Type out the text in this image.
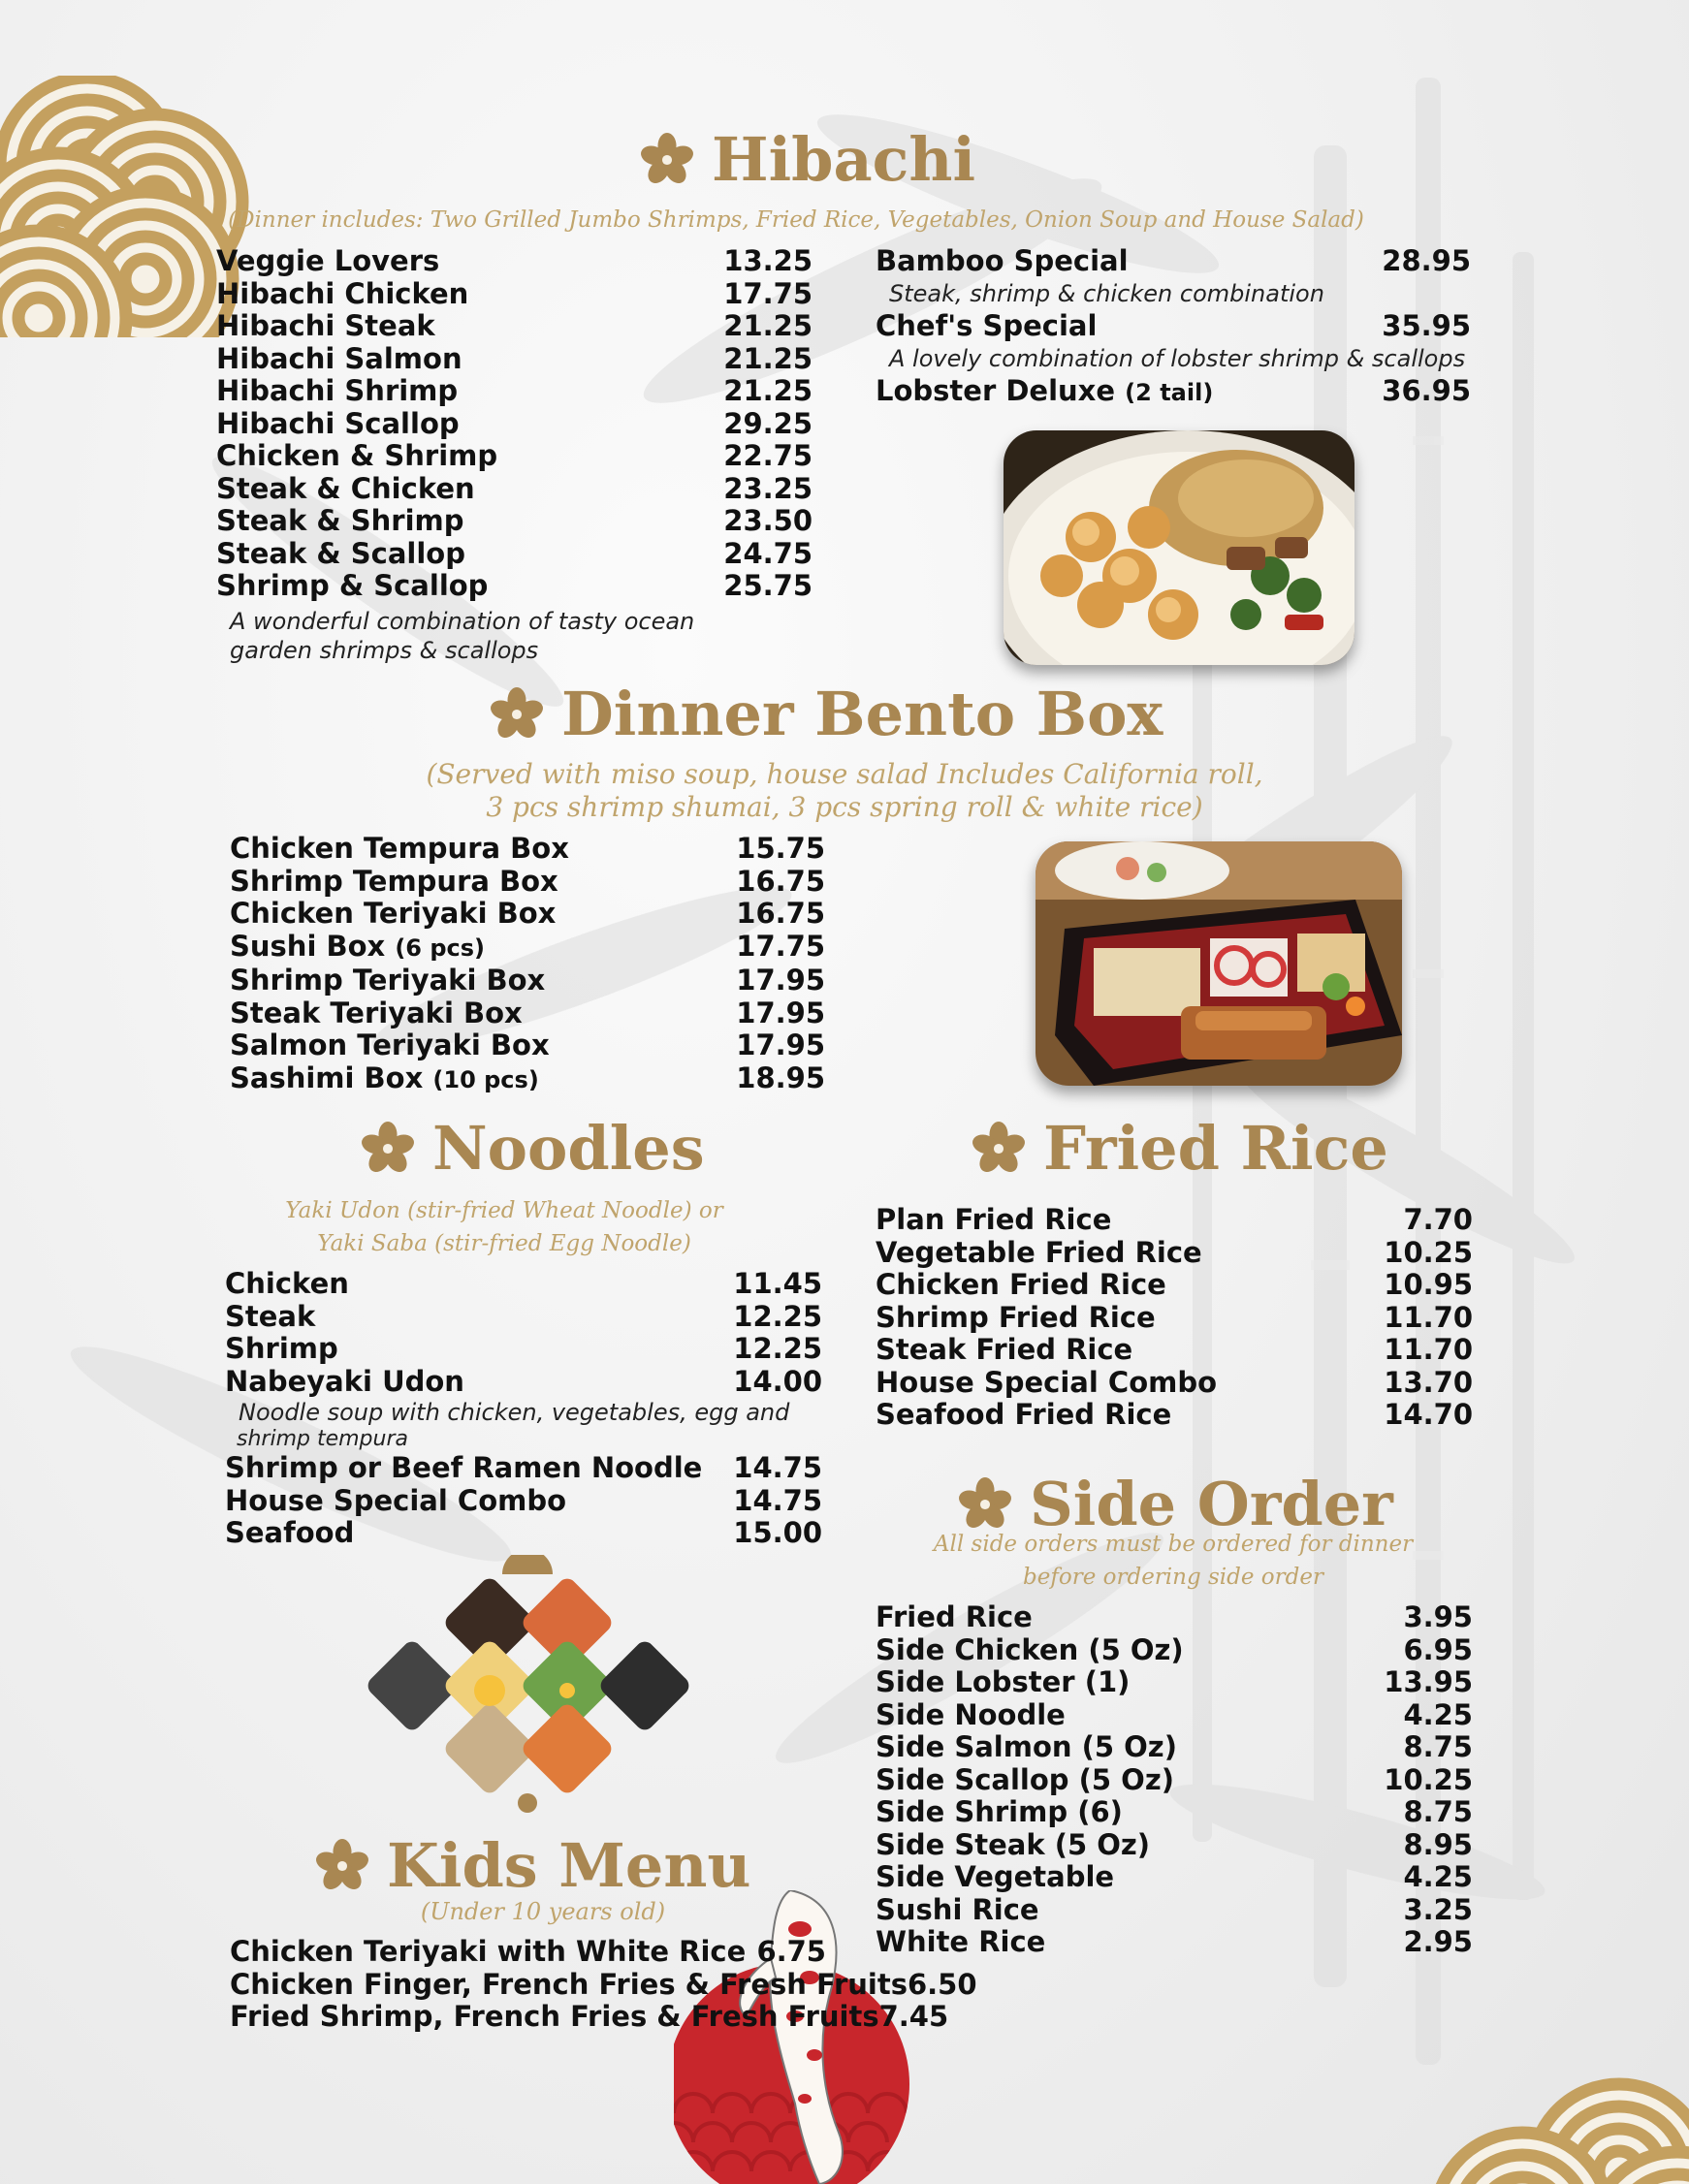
Hibachi
(Dinner includes: Two Grilled Jumbo Shrimps, Fried Rice, Vegetables, Onion Soup and House Salad)
Veggie Lovers	13.25
Hibachi Chicken	17.75
Hibachi Steak	21.25
Hibachi Salmon	21.25
Hibachi Shrimp	21.25
Hibachi Scallop	29.25
Chicken & Shrimp	22.75
Steak & Chicken	23.25
Steak & Shrimp	23.50
Steak & Scallop	24.75
Shrimp & Scallop	25.75
A wonderful combination of tasty ocean
garden shrimps & scallops
Bamboo Special	28.95
Steak, shrimp & chicken combination
Chef's Special	35.95
A lovely combination of lobster shrimp & scallops
Lobster Deluxe (2 tail)	36.95
Dinner Bento Box
(Served with miso soup, house salad Includes California roll,
3 pcs shrimp shumai, 3 pcs spring roll & white rice)
Chicken Tempura Box	15.75
Shrimp Tempura Box	16.75
Chicken Teriyaki Box	16.75
Sushi Box (6 pcs)	17.75
Shrimp Teriyaki Box	17.95
Steak Teriyaki Box	17.95
Salmon Teriyaki Box	17.95
Sashimi Box (10 pcs)	18.95
Noodles
Yaki Udon (stir-fried Wheat Noodle) or
Yaki Saba (stir-fried Egg Noodle)
Chicken	11.45
Steak	12.25
Shrimp	12.25
Nabeyaki Udon	14.00
Noodle soup with chicken, vegetables, egg and
shrimp tempura
Shrimp or Beef Ramen Noodle 14.75
House Special Combo	14.75
Seafood	15.00
Fried Rice
Plan Fried Rice	7.70
Vegetable Fried Rice	10.25
Chicken Fried Rice	10.95
Shrimp Fried Rice	11.70
Steak Fried Rice	11.70
House Special Combo	13.70
Seafood Fried Rice	14.70
Side Order
All side orders must be ordered for dinner
before ordering side order
Fried Rice	3.95
Side Chicken (5 Oz)	6.95
Side Lobster (1)	13.95
Side Noodle	4.25
Side Salmon (5 Oz)	8.75
Side Scallop (5 Oz)	10.25
Side Shrimp (6)	8.75
Side Steak (5 Oz)	8.95
Side Vegetable	4.25
Sushi Rice	3.25
White Rice	2.95
Kids Menu
(Under 10 years old)
Chicken Teriyaki with White Rice 6.75
Chicken Finger, French Fries & Fresh Fruits 6.50
Fried Shrimp, French Fries & Fresh Fruits 7.45
